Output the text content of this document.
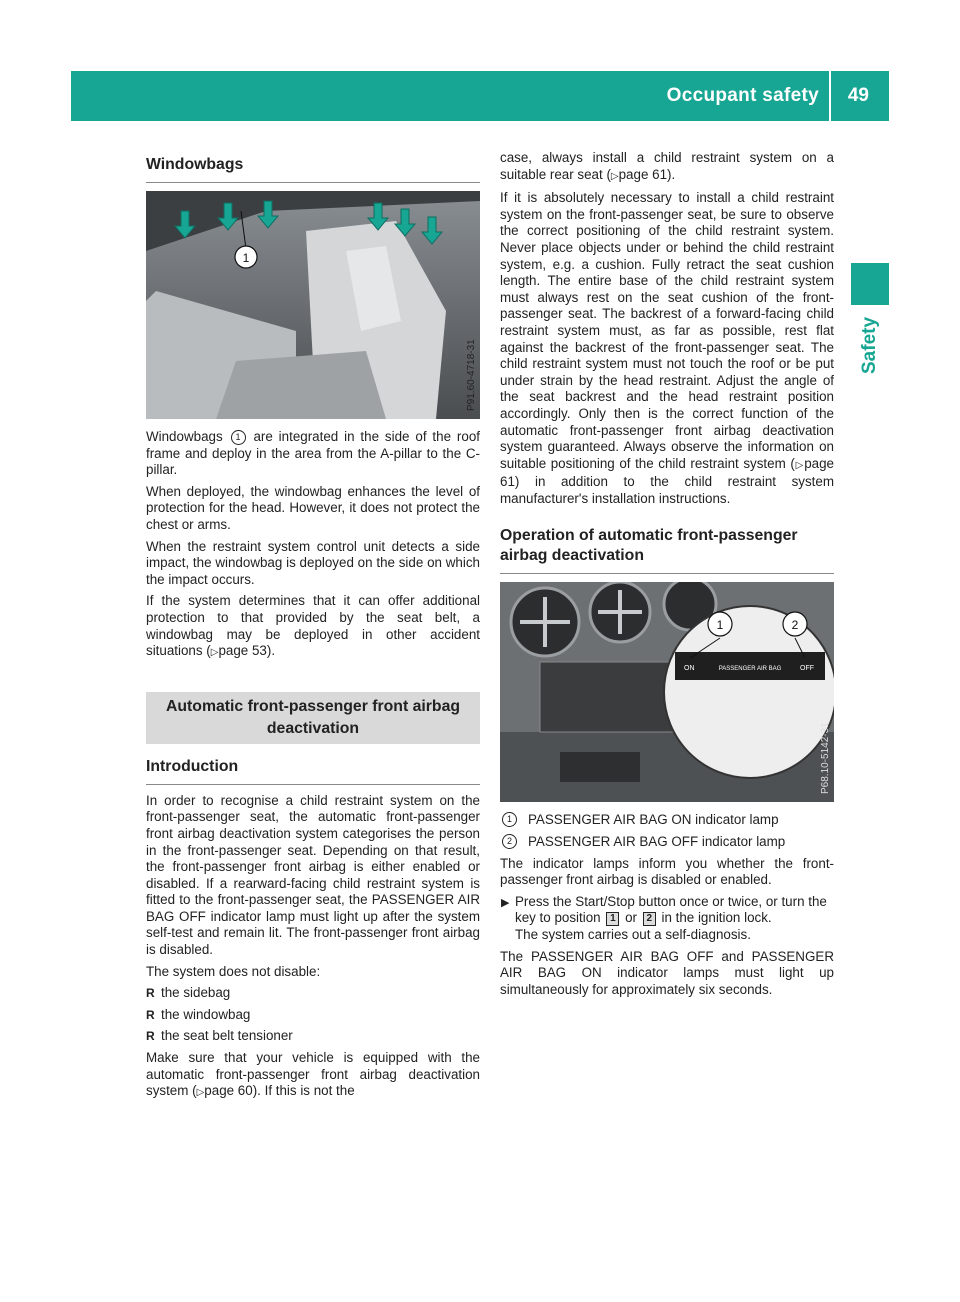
Occupant safety 49
Safety
Windowbags
1
P91.60-4718-31

Windowbags 1 are integrated in the side of the roof frame and deploy in the area from the A-pillar to the C-pillar.

When deployed, the windowbag enhances the level of protection for the head. However, it does not protect the chest or arms.

When the restraint system control unit detects a side impact, the windowbag is deployed on the side on which the impact occurs.

If the system determines that it can offer additional protection to that provided by the seat belt, a windowbag may be deployed in other accident situations (▷page 53).

Automatic front-passenger front airbag deactivation
Introduction

In order to recognise a child restraint system on the front-passenger seat, the automatic front-passenger front airbag deactivation system categorises the person in the front-passenger seat. Depending on that result, the front-passenger front airbag is either enabled or disabled. If a rearward-facing child restraint system is fitted to the front-passenger seat, the PASSENGER AIR BAG OFF indicator lamp must light up after the system self-test and remain lit. The front-passenger front airbag is disabled.

The system does not disable:

R the sidebag
R the windowbag
R the seat belt tensioner

Make sure that your vehicle is equipped with the automatic front-passenger front airbag deactivation system (▷page 60). If this is not the

case, always install a child restraint system on a suitable rear seat (▷page 61).

If it is absolutely necessary to install a child restraint system on the front-passenger seat, be sure to observe the correct positioning of the child restraint system. Never place objects under or behind the child restraint system, e.g. a cushion. Fully retract the seat cushion length. The entire base of the child restraint system must always rest on the seat cushion of the front-passenger seat. The backrest of a forward-facing child restraint system must, as far as possible, rest flat against the backrest of the front-passenger seat. The child restraint system must not touch the roof or be put under strain by the head restraint. Adjust the angle of the seat backrest and the head restraint position accordingly. Only then is the correct function of the automatic front-passenger front airbag deactivation system guaranteed. Always observe the information on suitable positioning of the child restraint system (▷page 61) in addition to the child restraint system manufacturer's installation instructions.

Operation of automatic front-passenger airbag deactivation
ON	PASSENGER AIR BAG	OFF
1	2
P68.10-5142-31
1	PASSENGER AIR BAG ON indicator lamp
2	PASSENGER AIR BAG OFF indicator lamp

The indicator lamps inform you whether the front-passenger front airbag is disabled or enabled.

▶ Press the Start/Stop button once or twice, or turn the key to position 1 or 2 in the ignition lock.
The system carries out a self-diagnosis.

The PASSENGER AIR BAG OFF and PASSENGER AIR BAG ON indicator lamps must light up simultaneously for approximately six seconds.
